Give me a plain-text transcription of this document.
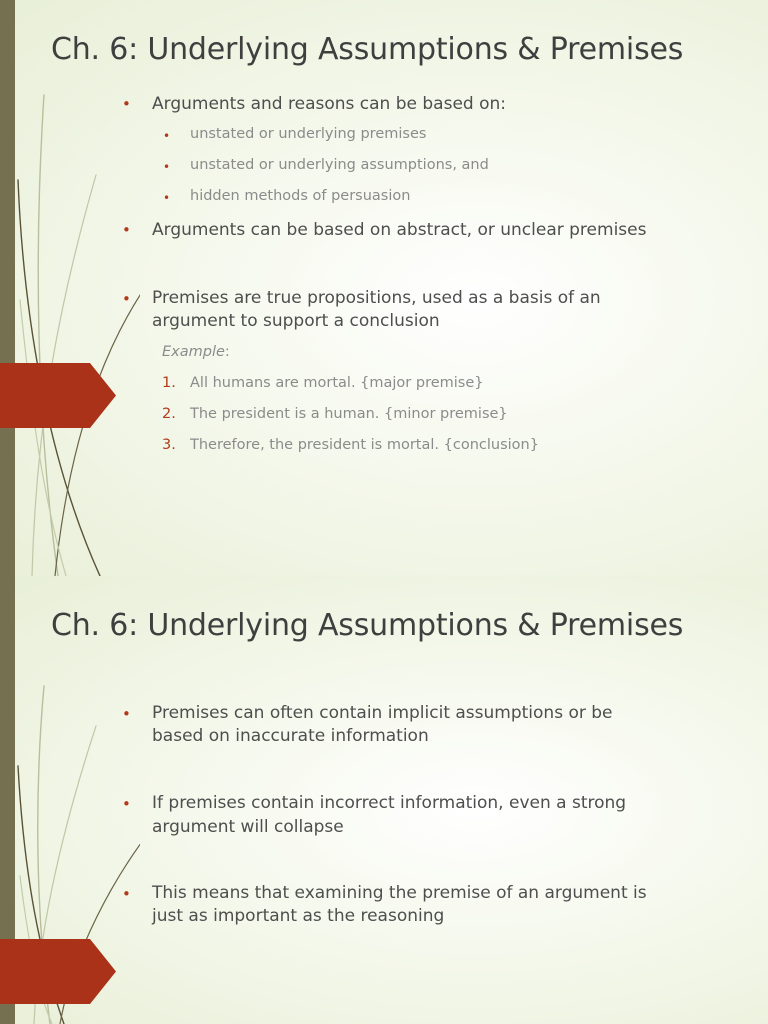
Ch. 6: Underlying Assumptions & Premises
• Arguments and reasons can be based on:

• unstated or underlying premises

• unstated or underlying assumptions, and

• hidden methods of persuasion

• Arguments can be based on abstract, or unclear premises

• Premises are true propositions, used as a basis of an

argument to support a conclusion

Example:

1. All humans are mortal. {major premise}

2. The president is a human. {minor premise}

3. Therefore, the president is mortal. {conclusion}

Ch. 6: Underlying Assumptions & Premises
• Premises can often contain implicit assumptions or be

based on inaccurate information

• If premises contain incorrect information, even a strong

argument will collapse

• This means that examining the premise of an argument is

just as important as the reasoning
